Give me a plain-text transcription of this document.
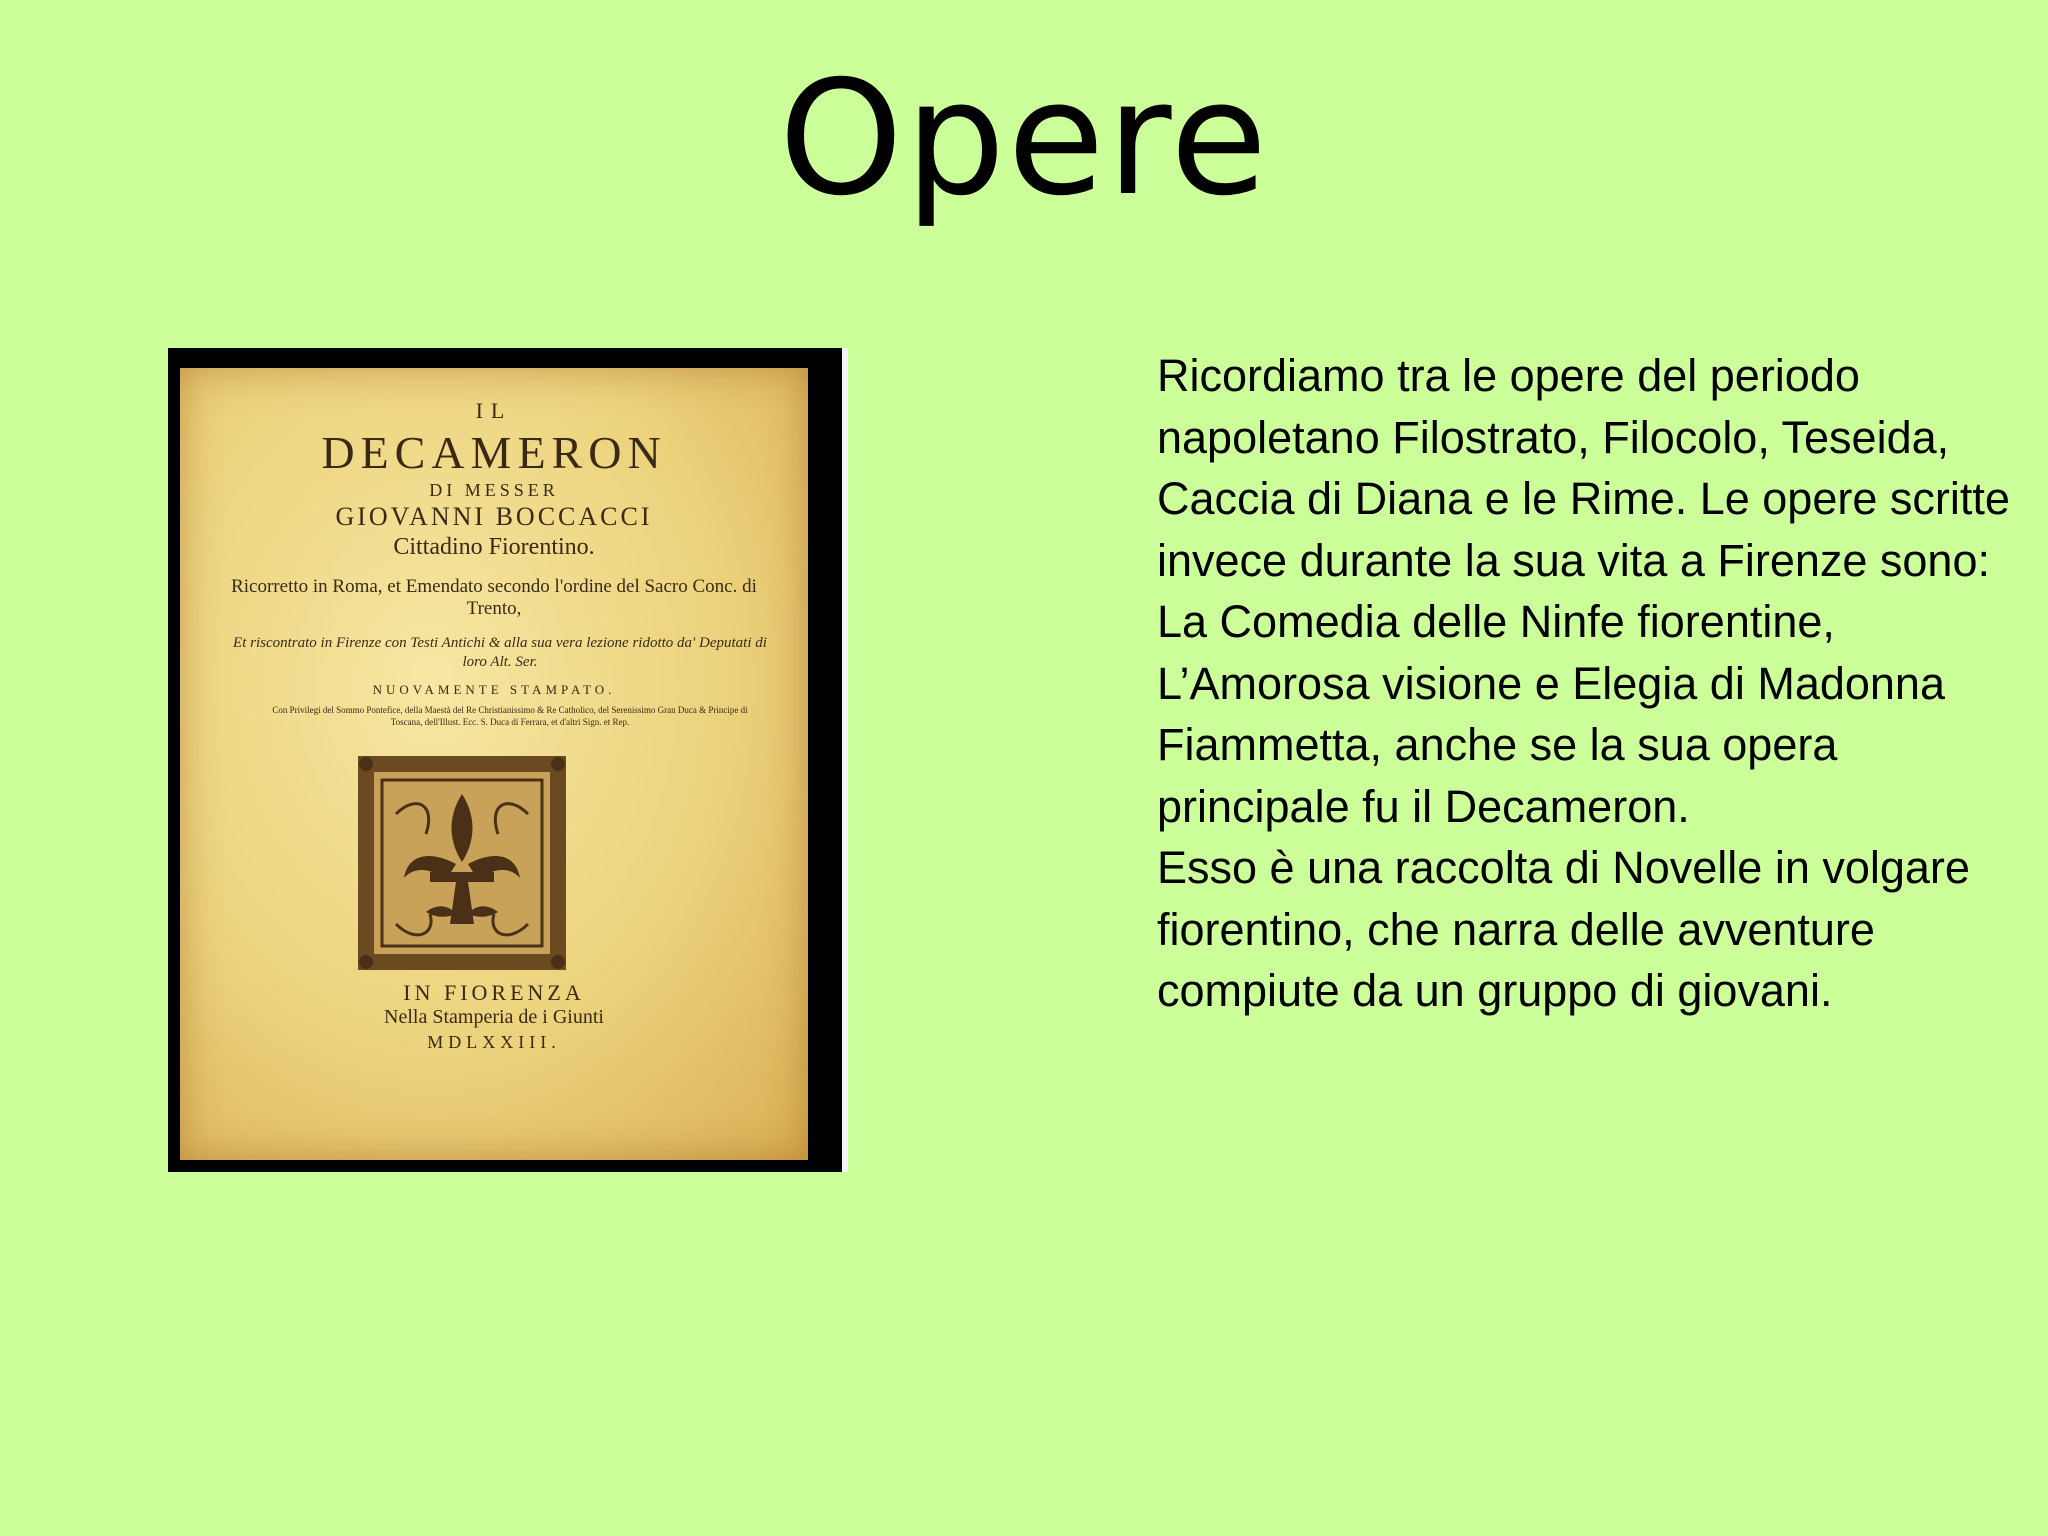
Opere
IL
DECAMERON
DI MESSER
GIOVANNI BOCCACCI
Cittadino Fiorentino.
Ricorretto in Roma, et Emendato secondo l'ordine del Sacro Conc. di Trento,
Et riscontrato in Firenze con Testi Antichi & alla sua vera lezione ridotto da' Deputati di loro Alt. Ser.
NUOVAMENTE STAMPATO.
Con Privilegi del Sommo Pontefice, della Maestà del Re Christianissimo & Re Catholico, del Serenissimo Gran Duca & Principe di Toscana, dell'Illust. Ecc. S. Duca di Ferrara, et d'altri Sign. et Rep.
IN FIORENZA
Nella Stamperia de i Giunti
MDLXXIII.

Ricordiamo tra le opere del periodo napoletano Filostrato, Filocolo, Teseida, Caccia di Diana e le Rime. Le opere scritte invece durante la sua vita a Firenze sono: La Comedia delle Ninfe fiorentine, L’Amorosa visione e Elegia di Madonna Fiammetta, anche se la sua opera principale fu il Decameron.

Esso è una raccolta di Novelle in volgare fiorentino, che narra delle avventure compiute da un gruppo di giovani.
